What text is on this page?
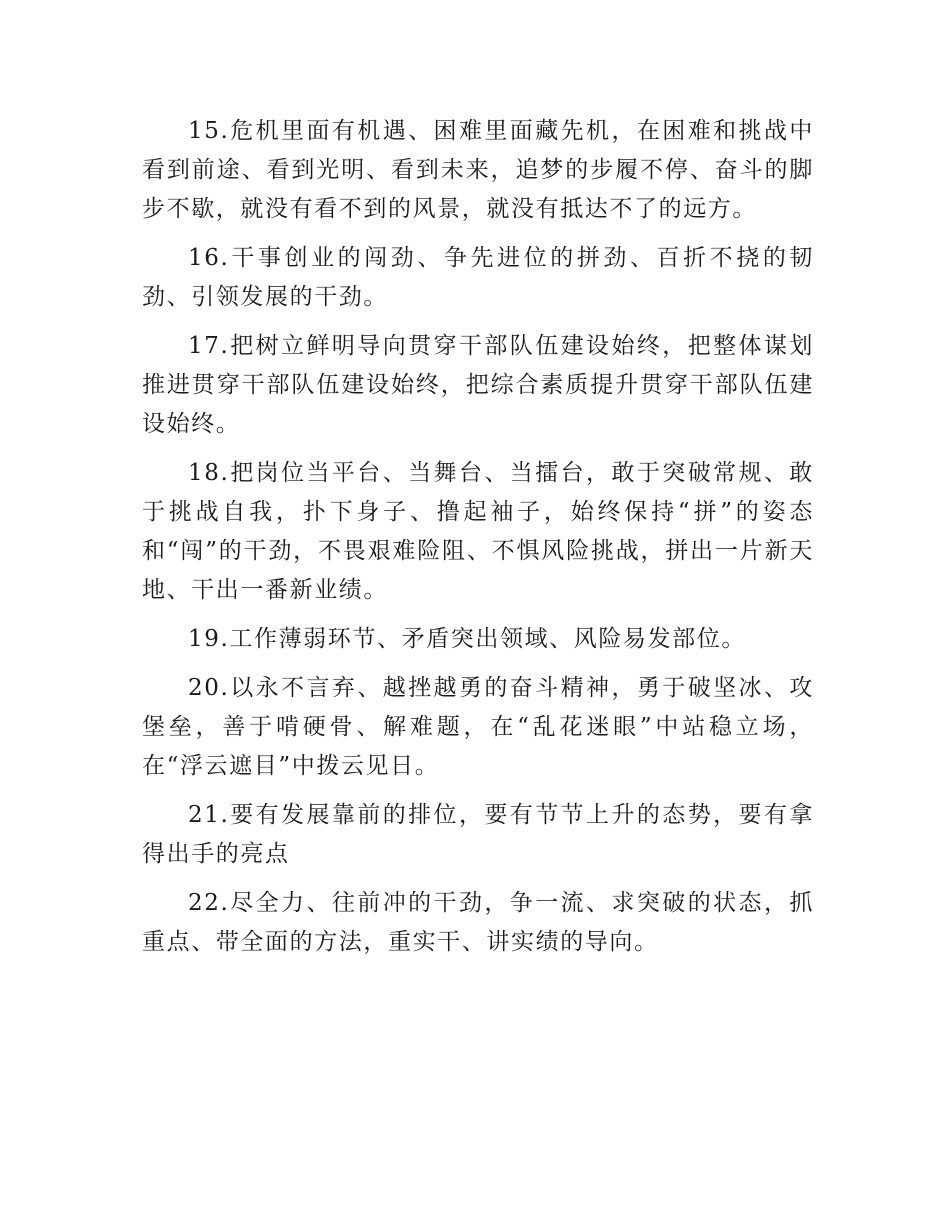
15.危机里面有机遇、困难里面藏先机，在困难和挑战中看到前途、看到光明、看到未来，追梦的步履不停、奋斗的脚步不歇，就没有看不到的风景，就没有抵达不了的远方。

16.干事创业的闯劲、争先进位的拼劲、百折不挠的韧劲、引领发展的干劲。

17.把树立鲜明导向贯穿干部队伍建设始终，把整体谋划推进贯穿干部队伍建设始终，把综合素质提升贯穿干部队伍建设始终。

18.把岗位当平台、当舞台、当擂台，敢于突破常规、敢于挑战自我，扑下身子、撸起袖子，始终保持“拼”的姿态和“闯”的干劲，不畏艰难险阻、不惧风险挑战，拼出一片新天地、干出一番新业绩。

19.工作薄弱环节、矛盾突出领域、风险易发部位。

20.以永不言弃、越挫越勇的奋斗精神，勇于破坚冰、攻堡垒，善于啃硬骨、解难题，在“乱花迷眼”中站稳立场，在“浮云遮目”中拨云见日。

21.要有发展靠前的排位，要有节节上升的态势，要有拿得出手的亮点

22.尽全力、往前冲的干劲，争一流、求突破的状态，抓重点、带全面的方法，重实干、讲实绩的导向。
